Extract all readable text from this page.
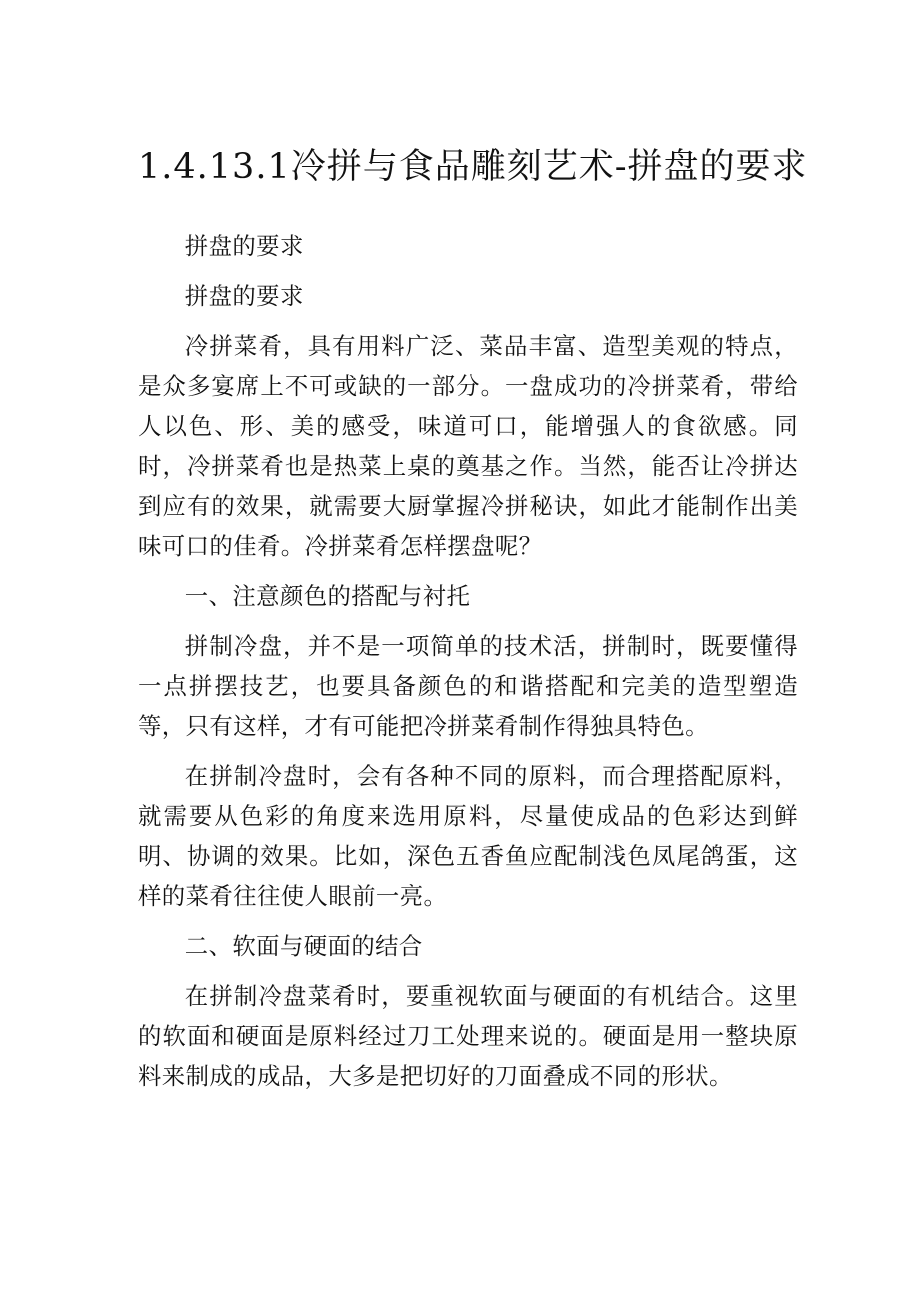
1.4.13.1冷拼与食品雕刻艺术-拼盘的要求

拼盘的要求

拼盘的要求

冷拼菜肴，具有用料广泛、菜品丰富、造型美观的特点，是众多宴席上不可或缺的一部分。一盘成功的冷拼菜肴，带给人以色、形、美的感受，味道可口，能增强人的食欲感。同时，冷拼菜肴也是热菜上桌的奠基之作。当然，能否让冷拼达到应有的效果，就需要大厨掌握冷拼秘诀，如此才能制作出美味可口的佳肴。冷拼菜肴怎样摆盘呢？

一、注意颜色的搭配与衬托

拼制冷盘，并不是一项简单的技术活，拼制时，既要懂得一点拼摆技艺，也要具备颜色的和谐搭配和完美的造型塑造等，只有这样，才有可能把冷拼菜肴制作得独具特色。

在拼制冷盘时，会有各种不同的原料，而合理搭配原料，就需要从色彩的角度来选用原料，尽量使成品的色彩达到鲜明、协调的效果。比如，深色五香鱼应配制浅色凤尾鸽蛋，这样的菜肴往往使人眼前一亮。

二、软面与硬面的结合

在拼制冷盘菜肴时，要重视软面与硬面的有机结合。这里的软面和硬面是原料经过刀工处理来说的。硬面是用一整块原料来制成的成品，大多是把切好的刀面叠成不同的形状。
